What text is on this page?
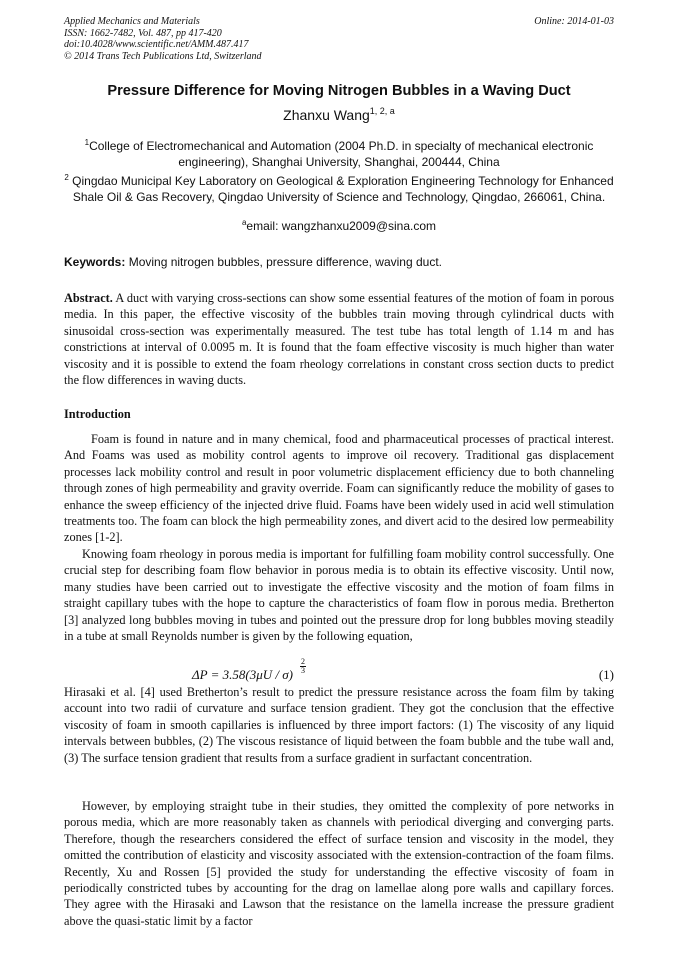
Applied Mechanics and Materials
ISSN: 1662-7482, Vol. 487, pp 417-420
doi:10.4028/www.scientific.net/AMM.487.417
© 2014 Trans Tech Publications Ltd, Switzerland
Online: 2014-01-03
Pressure Difference for Moving Nitrogen Bubbles in a Waving Duct
Zhanxu Wang$^{1, 2, a}$
$^1$College of Electromechanical and Automation (2004 Ph.D. in specialty of mechanical electronic engineering), Shanghai University, Shanghai, 200444, China
$^2$ Qingdao Municipal Key Laboratory on Geological & Exploration Engineering Technology for Enhanced Shale Oil & Gas Recovery, Qingdao University of Science and Technology, Qingdao, 266061, China.
$^a$email: wangzhanxu2009@sina.com
Keywords: Moving nitrogen bubbles, pressure difference, waving duct.
Abstract. A duct with varying cross-sections can show some essential features of the motion of foam in porous media. In this paper, the effective viscosity of the bubbles train moving through cylindrical ducts with sinusoidal cross-section was experimentally measured. The test tube has total length of 1.14 m and has constrictions at interval of 0.0095 m. It is found that the foam effective viscosity is much higher than water viscosity and it is possible to extend the foam rheology correlations in constant cross section ducts to predict the flow differences in waving ducts.
Introduction
Foam is found in nature and in many chemical, food and pharmaceutical processes of practical interest. And Foams was used as mobility control agents to improve oil recovery. Traditional gas displacement processes lack mobility control and result in poor volumetric displacement efficiency due to both channeling through zones of high permeability and gravity override. Foam can significantly reduce the mobility of gases to enhance the sweep efficiency of the injected drive fluid. Foams have been widely used in acid well stimulation treatments too. The foam can block the high permeability zones, and divert acid to the desired low permeability zones [1-2].
Knowing foam rheology in porous media is important for fulfilling foam mobility control successfully. One crucial step for describing foam flow behavior in porous media is to obtain its effective viscosity. Until now, many studies have been carried out to investigate the effective viscosity and the motion of foam films in straight capillary tubes with the hope to capture the characteristics of foam flow in porous media. Bretherton [3] analyzed long bubbles moving in tubes and pointed out the pressure drop for long bubbles moving steadily in a tube at small Reynolds number is given by the following equation,
ΔP = 3.58(3μU / σ)
2
3	(1)
Hirasaki et al. [4] used Bretherton’s result to predict the pressure resistance across the foam film by taking account into two radii of curvature and surface tension gradient. They got the conclusion that the effective viscosity of foam in smooth capillaries is influenced by three import factors: (1) The viscosity of any liquid intervals between bubbles, (2) The viscous resistance of liquid between the foam bubble and the tube wall and, (3) The surface tension gradient that results from a surface gradient in surfactant concentration.
However, by employing straight tube in their studies, they omitted the complexity of pore networks in porous media, which are more reasonably taken as channels with periodical diverging and converging parts. Therefore, though the researchers considered the effect of surface tension and viscosity in the model, they omitted the contribution of elasticity and viscosity associated with the extension-contraction of the foam films. Recently, Xu and Rossen [5] provided the study for understanding the effective viscosity of foam in periodically constricted tubes by accounting for the drag on lamellae along pore walls and capillary forces. They agree with the Hirasaki and Lawson that the resistance on the lamella increase the pressure gradient above the quasi-static limit by a factor
